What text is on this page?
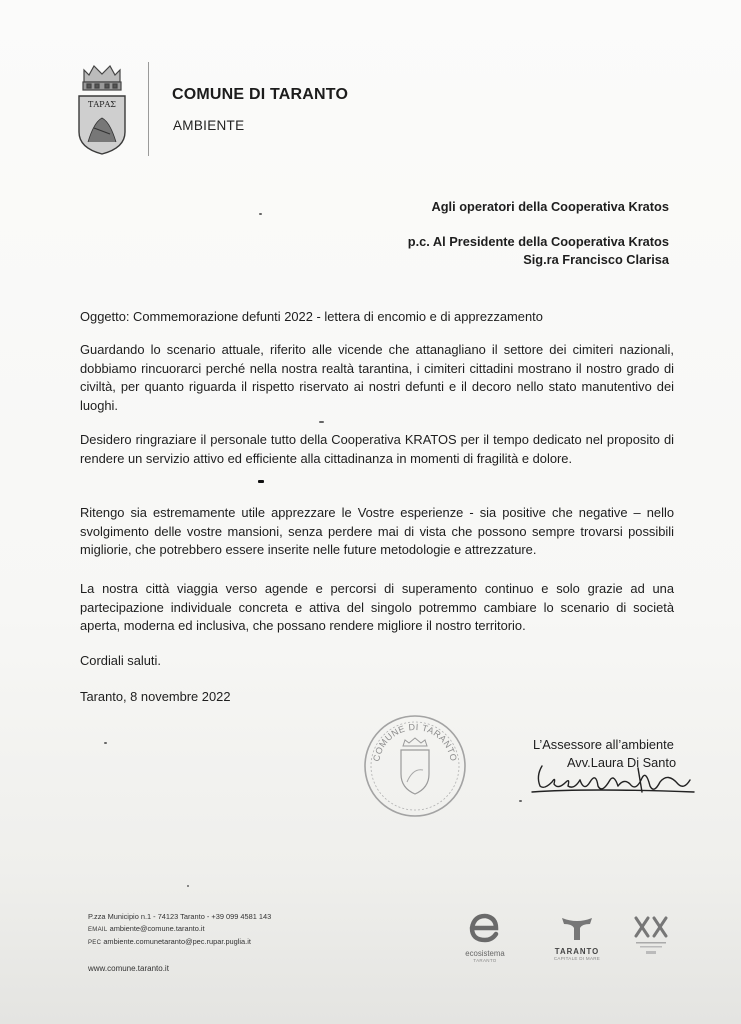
ΤΑΡΑΣ
COMUNE DI TARANTO
AMBIENTE
Agli operatori della Cooperativa Kratos
p.c. Al Presidente della Cooperativa Kratos
Sig.ra Francisco Clarisa
Oggetto: Commemorazione defunti 2022 - lettera di encomio e di apprezzamento
Guardando lo scenario attuale, riferito alle vicende che attanagliano il settore dei cimiteri nazionali, dobbiamo rincuorarci perché nella nostra realtà tarantina, i cimiteri cittadini mostrano il nostro grado di civiltà, per quanto riguarda il rispetto riservato ai nostri defunti e il decoro nello stato manutentivo dei luoghi.
Desidero ringraziare il personale tutto della Cooperativa KRATOS per il tempo dedicato nel proposito di rendere un servizio attivo ed efficiente alla cittadinanza in momenti di fragilità e dolore.
Ritengo sia estremamente utile apprezzare le Vostre esperienze - sia positive che negative – nello svolgimento delle vostre mansioni, senza perdere mai di vista che possono sempre trovarsi possibili migliorie, che potrebbero essere inserite nelle future metodologie e attrezzature.
La nostra città viaggia verso agende e percorsi di superamento continuo e solo grazie ad una partecipazione individuale concreta e attiva del singolo potremmo cambiare lo scenario di società aperta, moderna ed inclusiva, che possano rendere migliore il nostro territorio.
Cordiali saluti.
Taranto, 8 novembre 2022
COMUNE DI TARANTO
L’Assessore all’ambiente
Avv.Laura Di Santo
P.zza Municipio n.1 - 74123 Taranto - +39 099 4581 143
EMAIL ambiente@comune.taranto.it
PEC ambiente.comunetaranto@pec.rupar.puglia.it
www.comune.taranto.it
ecosistema
TARANTO
TARANTO
CAPITALE DI MARE
